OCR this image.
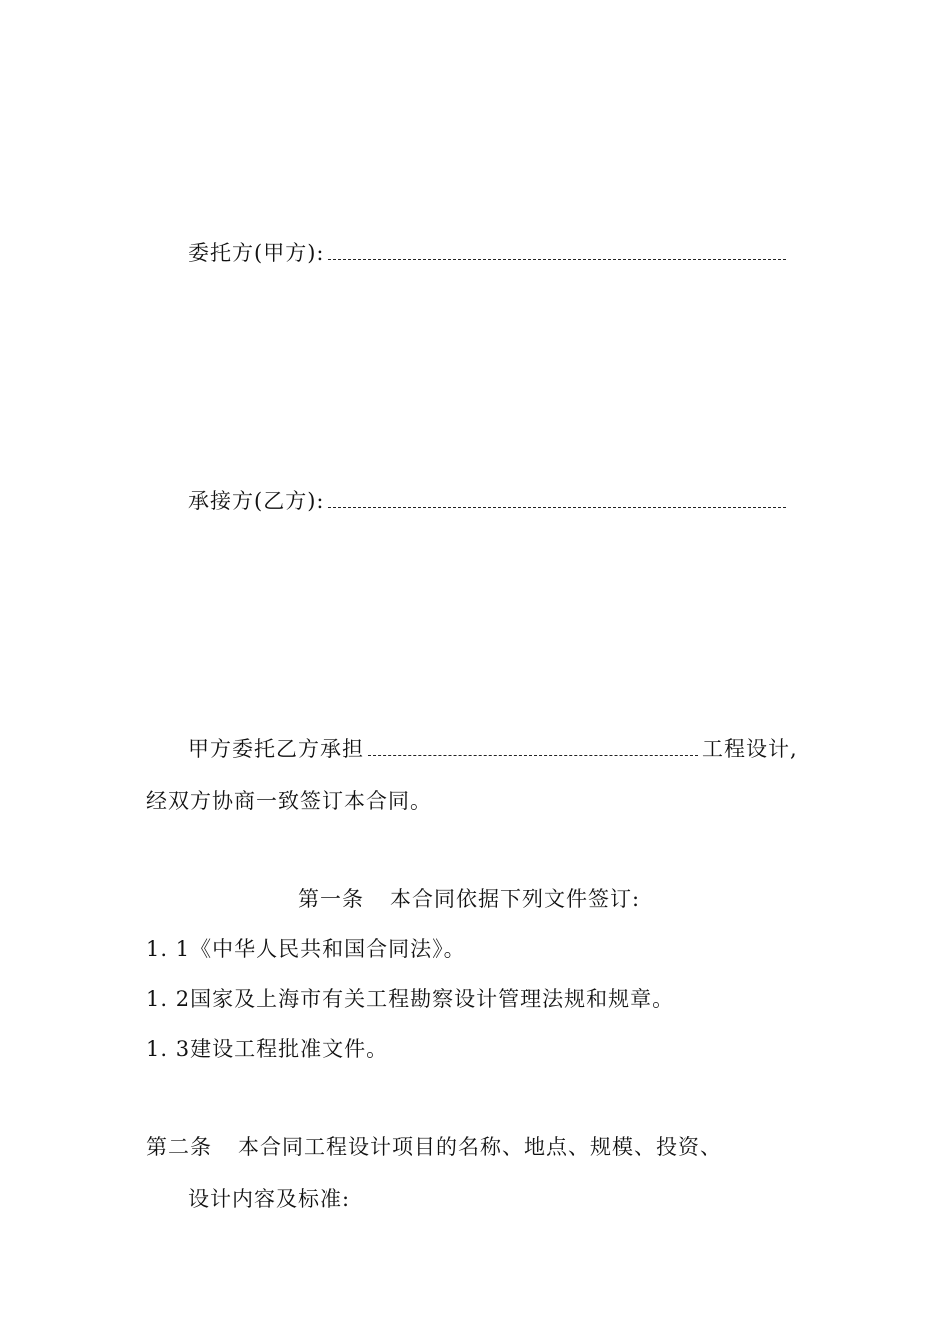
委托方(甲方):
承接方(乙方):
甲方委托乙方承担	工程设计,
经双方协商一致签订本合同。
第一条 本合同依据下列文件签订:
1. 1《中华人民共和国合同法》。
1. 2国家及上海市有关工程勘察设计管理法规和规章。
1. 3建设工程批准文件。
第二条 本合同工程设计项目的名称、地点、规模、投资、
设计内容及标准:
